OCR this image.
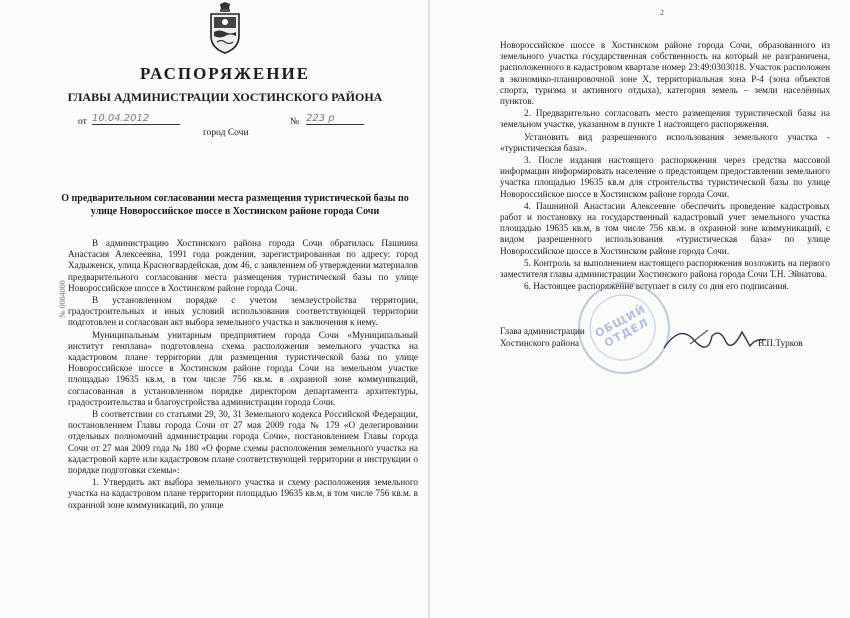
РАСПОРЯЖЕНИЕ
ГЛАВЫ АДМИНИСТРАЦИИ ХОСТИНСКОГО РАЙОНА
от 10.04.2012
город Сочи
№ 223 р
О предварительном согласовании места размещения туристической базы по улице Новороссийское шоссе в Хостинском районе города Сочи
№ 0084000

В администрацию Хостинского района города Сочи обратилась Пашнина Анастасия Алексеевна, 1991 года рождения, зарегистрированная по адресу: город Хадыженск, улица Красногвардейская, дом 46, с заявлением об утверждении материалов предварительного согласования места размещения туристической базы по улице Новороссийское шоссе в Хостинском районе города Сочи.

В установленном порядке с учетом землеустройства территории, градостроительных и иных условий использования соответствующей территории подготовлен и согласован акт выбора земельного участка и заключения к нему.

Муниципальным унитарным предприятием города Сочи «Муниципальный институт генплана» подготовлена схема расположения земельного участка на кадастровом плане территории для размещения туристической базы по улице Новороссийское шоссе в Хостинском районе города Сочи на земельном участке площадью 19635 кв.м, в том числе 756 кв.м. в охранной зоне коммуникаций, согласованная в установленном порядке директором департамента архитектуры, градостроительства и благоустройства администрации города Сочи.

В соответствии со статьями 29, 30, 31 Земельного кодекса Российской Федерации, постановлением Главы города Сочи от 27 мая 2009 года № 179 «О делегировании отдельных полномочий администрации города Сочи», постановлением Главы города Сочи от 27 мая 2009 года № 180 «О форме схемы расположения земельного участка на кадастровой карте или кадастровом плане соответствующей территории и инструкции о порядке подготовки схемы»:

1. Утвердить акт выбора земельного участка и схему расположения земельного участка на кадастровом плане территории площадью 19635 кв.м, в том числе 756 кв.м. в охранной зоне коммуникаций, по улице

2

Новороссийское шоссе в Хостинском районе города Сочи, образованного из земельного участка государственная собственность на который не разграничена, расположенного в кадастровом квартале номер 23:49:0303018. Участок расположен в экономико-планировочной зоне X, территориальная зона Р-4 (зона объектов спорта, туризма и активного отдыха), категория земель – земли населённых пунктов.

2. Предварительно согласовать место размещения туристической базы на земельном участке, указанном в пункте 1 настоящего распоряжения.

Установить вид разрешенного использования земельного участка - «туристическая база».

3. После издания настоящего распоряжения через средства массовой информации информировать население о предстоящем предоставлении земельного участка площадью 19635 кв.м для строительства туристической базы по улице Новороссийское шоссе в Хостинском районе города Сочи.

4. Пашниной Анастасии Алексеевне обеспечить проведение кадастровых работ и постановку на государственный кадастровый учет земельного участка площадью 19635 кв.м, в том числе 756 кв.м. в охранной зоне коммуникаций, с видом разрешенного использования «туристическая база» по улице Новороссийское шоссе в Хостинском районе города Сочи.

5. Контроль за выполнением настоящего распоряжения возложить на первого заместителя главы администрации Хостинского района города Сочи Т.Н. Эйнатова.

6. Настоящее распоряжение вступает в силу со дня его подписания.

ОБЩИЙ ОТДЕЛ
Глава администрации
Хостинского района	В.П.Турков
